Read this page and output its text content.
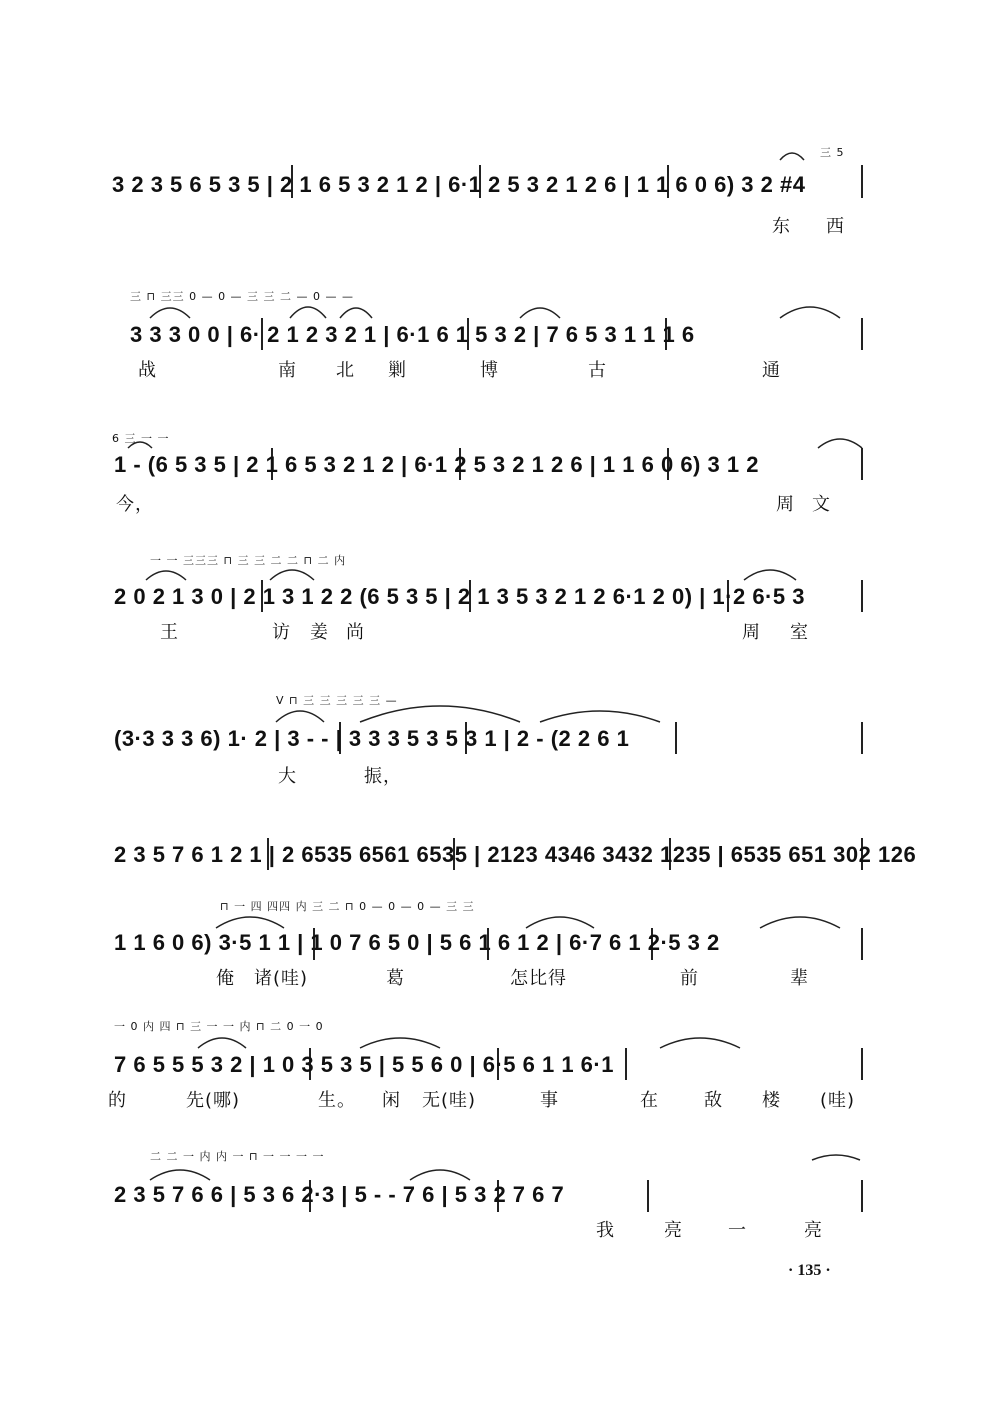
三 5
3 2 3 5 6 5 3 5 | 2 1 6 5 3 2 1 2 | 6·1 2 5 3 2 1 2 6 | 1 1 6 0 6) 3 2 #4
东 西
三 ⊓ 三三 0 — 0 — 三 三 二 — 0 — —
3 3 3 0 0 | 6· 2 1 2 3 2 1 | 6·1 6 1 5 3 2 | 7 6 5 3 1 1 1 6
战	南 北 剿	博	古	通
6 三 一 一
1 - (6 5 3 5 | 2 1 6 5 3 2 1 2 | 6·1 2 5 3 2 1 2 6 | 1 1 6 0 6) 3 1 2
今，	周 文
一 一 三三三 ⊓ 三 三 二 二 ⊓ 二 内
2 0 2 1 3 0 | 2 1 3 1 2 2 (6 5 3 5 | 2 1 3 5 3 2 1 2 6·1 2 0) | 1·2 6·5 3
王	访 姜 尚	周 室
V ⊓ 三 三 三 三 三 —
(3·3 3 3 6) 1· 2 | 3 - - | 3 3 3 5 3 5 3 1 | 2 - (2 2 6 1
大	振，
2 3 5 7 6 1 2 1 | 2 6535 6561 6535 | 2123 4346 3432 1235 | 6535 651 302 126
⊓ 一 四 四四 内 三 二 ⊓ 0 — 0 — 0 — 三 三
1 1 6 0 6) 3·5 1 1 | 1 0 7 6 5 0 | 5 6 1 6 1 2 | 6·7 6 1 2·5 3 2
俺 诸(哇)	葛	怎比得	前	辈
一 0 内 四 ⊓ 三 一 一 内 ⊓ 二 0 一 0
7 6 5 5 5 3 2 | 1 0 3 5 3 5 | 5 5 6 0 | 6·5 6 1 1 6·1
的	先(哪)	生。 闲 无(哇)	事	在	敌 楼 (哇)
二 二 一 内 内 一 ⊓ 一 一 一 一
2 3 5 7 6 6 | 5 3 6 2·3 | 5 - - 7 6 | 5 3 2 7 6 7
我	亮	一	亮
· 135 ·
